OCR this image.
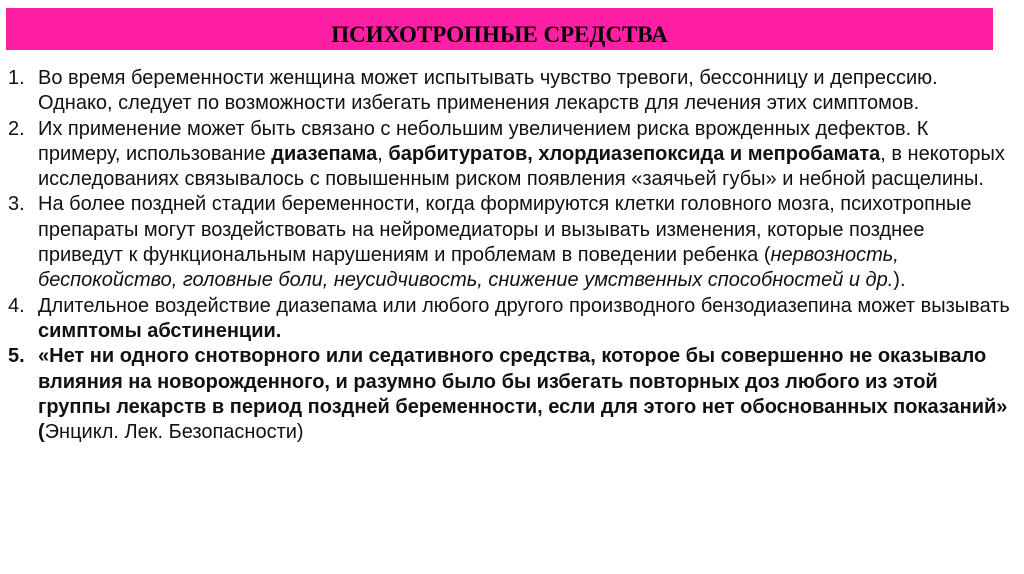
ПСИХОТРОПНЫЕ СРЕДСТВА
1. Во время беременности женщина может испытывать чувство тревоги, бессонницу и депрессию. Однако, следует по возможности избегать применения лекарств для лечения этих симптомов.
2. Их применение может быть связано с небольшим увеличением риска врожденных дефектов. К примеру, использование диазепама, барбитуратов, хлордиазепоксида и мепробамата, в некоторых исследованиях связывалось с повышенным риском появления «заячьей губы» и небной расщелины.
3. На более поздней стадии беременности, когда формируются клетки головного мозга, психотропные препараты могут воздействовать на нейромедиаторы и вызывать изменения, которые позднее приведут к функциональным нарушениям и проблемам в поведении ребенка (нервозность, беспокойство, головные боли, неусидчивость, снижение умственных способностей и др.).
4. Длительное воздействие диазепама или любого другого производного бензодиазепина может вызывать симптомы абстиненции.
5. «Нет ни одного снотворного или седативного средства, которое бы совершенно не оказывало влияния на новорожденного, и разумно было бы избегать повторных доз любого из этой группы лекарств в период поздней беременности, если для этого нет обоснованных показаний»
(Энцикл. Лек. Безопасности)
